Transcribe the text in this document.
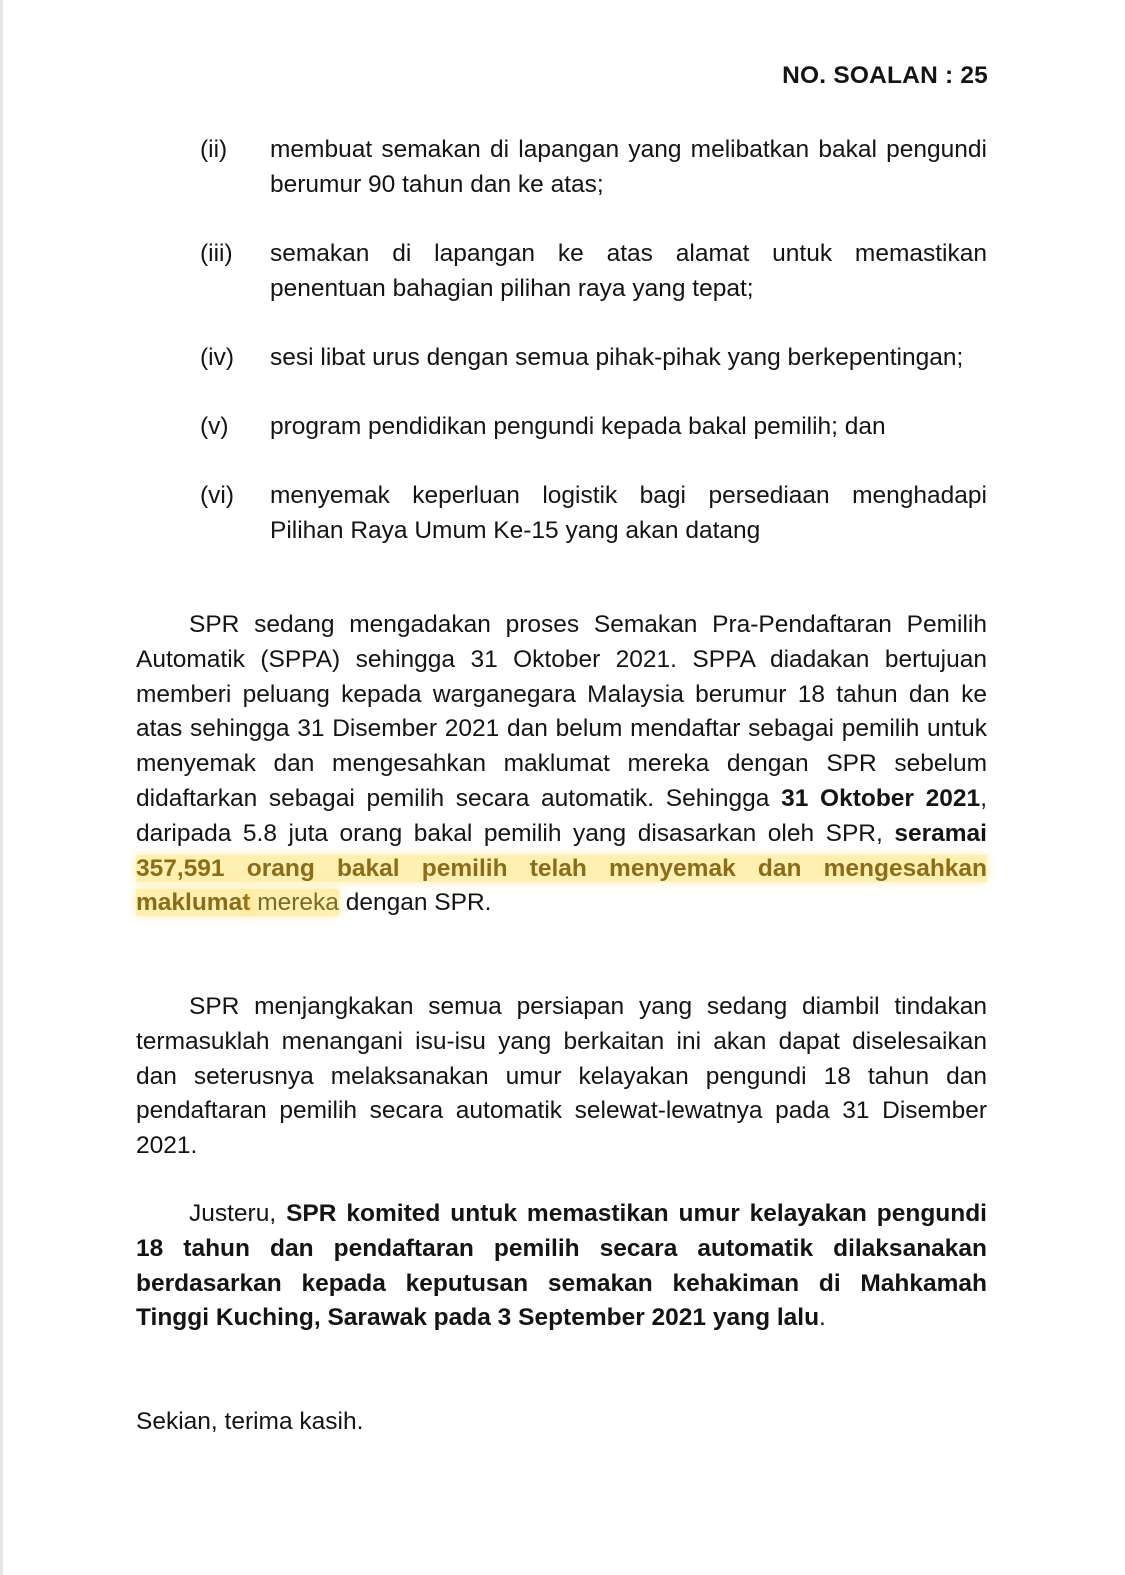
NO. SOALAN : 25
(ii)	membuat semakan di lapangan yang melibatkan bakal pengundi berumur 90 tahun dan ke atas;
(iii)	semakan di lapangan ke atas alamat untuk memastikan penentuan bahagian pilihan raya yang tepat;
(iv)	sesi libat urus dengan semua pihak-pihak yang berkepentingan;
(v)	program pendidikan pengundi kepada bakal pemilih; dan
(vi)	menyemak keperluan logistik bagi persediaan menghadapi Pilihan Raya Umum Ke-15 yang akan datang

SPR sedang mengadakan proses Semakan Pra-Pendaftaran Pemilih Automatik (SPPA) sehingga 31 Oktober 2021. SPPA diadakan bertujuan memberi peluang kepada warganegara Malaysia berumur 18 tahun dan ke atas sehingga 31 Disember 2021 dan belum mendaftar sebagai pemilih untuk menyemak dan mengesahkan maklumat mereka dengan SPR sebelum didaftarkan sebagai pemilih secara automatik. Sehingga 31 Oktober 2021, daripada 5.8 juta orang bakal pemilih yang disasarkan oleh SPR, seramai 357,591 orang bakal pemilih telah menyemak dan mengesahkan maklumat mereka dengan SPR.

SPR menjangkakan semua persiapan yang sedang diambil tindakan termasuklah menangani isu-isu yang berkaitan ini akan dapat diselesaikan dan seterusnya melaksanakan umur kelayakan pengundi 18 tahun dan pendaftaran pemilih secara automatik selewat-lewatnya pada 31 Disember 2021.

Justeru, SPR komited untuk memastikan umur kelayakan pengundi 18 tahun dan pendaftaran pemilih secara automatik dilaksanakan berdasarkan kepada keputusan semakan kehakiman di Mahkamah Tinggi Kuching, Sarawak pada 3 September 2021 yang lalu.

Sekian, terima kasih.
